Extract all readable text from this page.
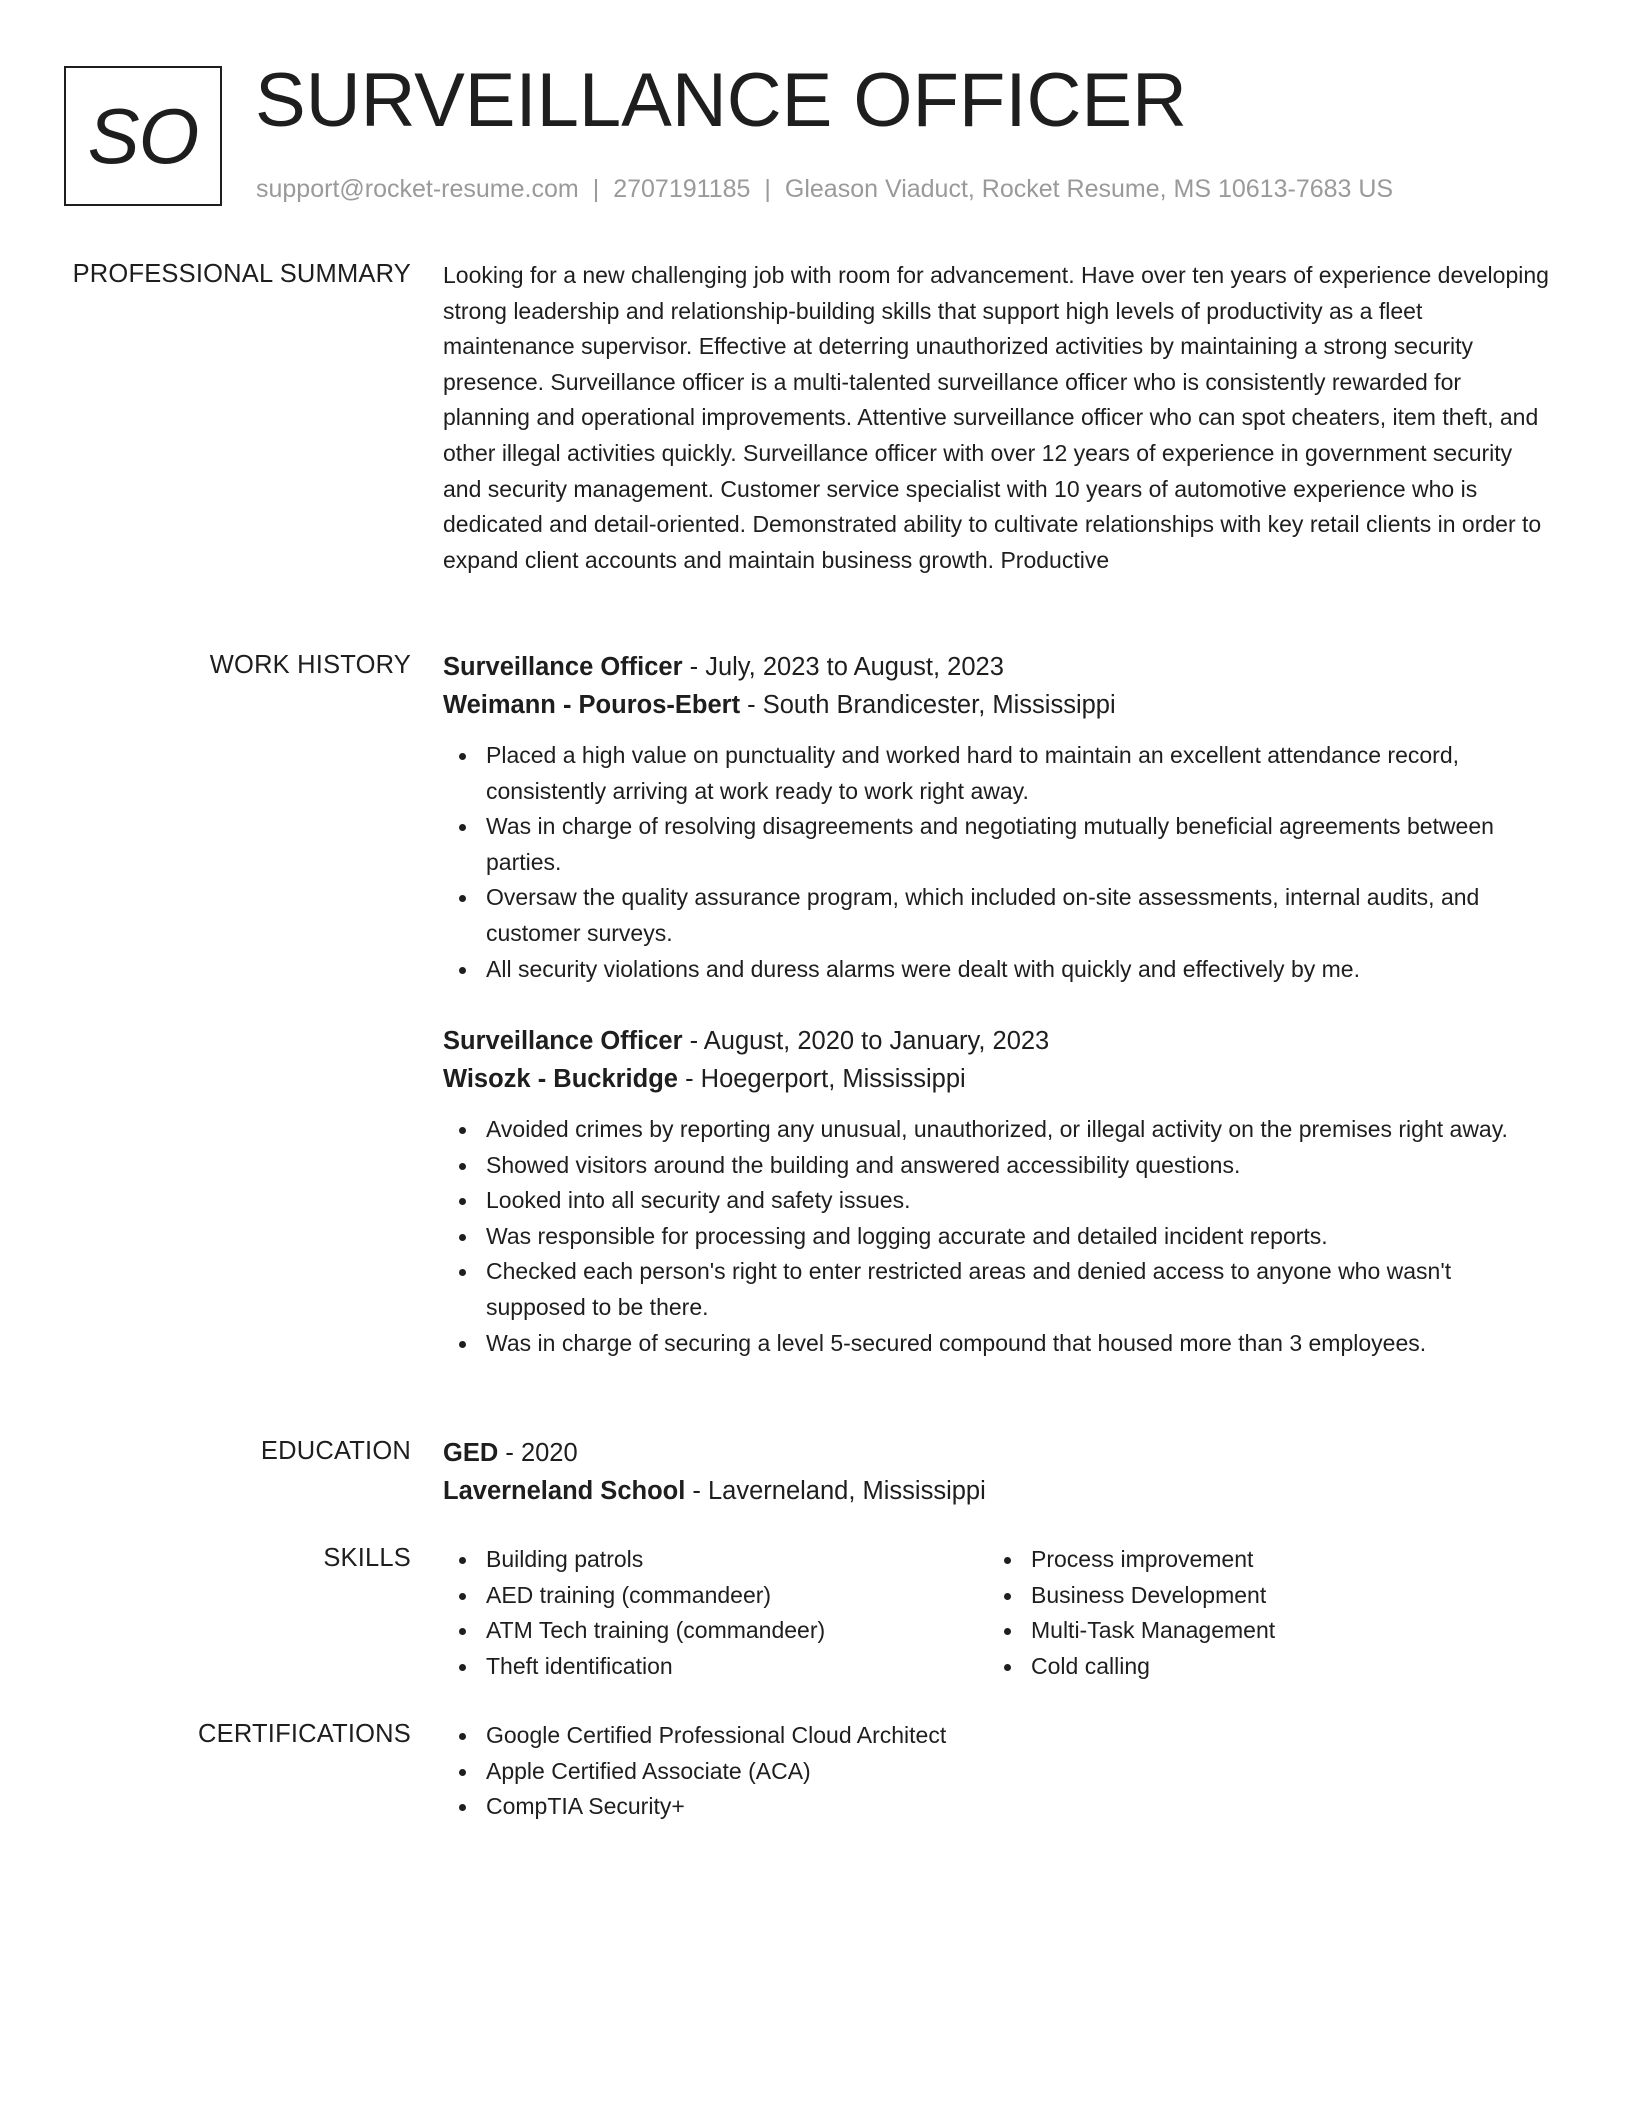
SO SURVEILLANCE OFFICER
support@rocket-resume.com | 2707191185 | Gleason Viaduct, Rocket Resume, MS 10613-7683 US
PROFESSIONAL SUMMARY Looking for a new challenging job with room for advancement. Have over ten years of experience developing strong leadership and relationship-building skills that support high levels of productivity as a fleet maintenance supervisor. Effective at deterring unauthorized activities by maintaining a strong security presence. Surveillance officer is a multi-talented surveillance officer who is consistently rewarded for planning and operational improvements. Attentive surveillance officer who can spot cheaters, item theft, and other illegal activities quickly. Surveillance officer with over 12 years of experience in government security and security management. Customer service specialist with 10 years of automotive experience who is dedicated and detail-oriented. Demonstrated ability to cultivate relationships with key retail clients in order to expand client accounts and maintain business growth. Productive

WORK HISTORY Surveillance Officer - July, 2023 to August, 2023
Weimann - Pouros-Ebert - South Brandicester, Mississippi
Placed a high value on punctuality and worked hard to maintain an excellent attendance record, consistently arriving at work ready to work right away.
Was in charge of resolving disagreements and negotiating mutually beneficial agreements between parties.
Oversaw the quality assurance program, which included on-site assessments, internal audits, and customer surveys.
All security violations and duress alarms were dealt with quickly and effectively by me.
Surveillance Officer - August, 2020 to January, 2023
Wisozk - Buckridge - Hoegerport, Mississippi
Avoided crimes by reporting any unusual, unauthorized, or illegal activity on the premises right away.
Showed visitors around the building and answered accessibility questions.
Looked into all security and safety issues.
Was responsible for processing and logging accurate and detailed incident reports.
Checked each person's right to enter restricted areas and denied access to anyone who wasn't supposed to be there.
Was in charge of securing a level 5-secured compound that housed more than 3 employees.
EDUCATION GED - 2020
Laverneland School - Laverneland, Mississippi
SKILLS	Building patrols
AED training (commandeer)
ATM Tech training (commandeer)
Theft identification
Process improvement
Business Development
Multi-Task Management
Cold calling
CERTIFICATIONS	Google Certified Professional Cloud Architect
Apple Certified Associate (ACA)
CompTIA Security+
